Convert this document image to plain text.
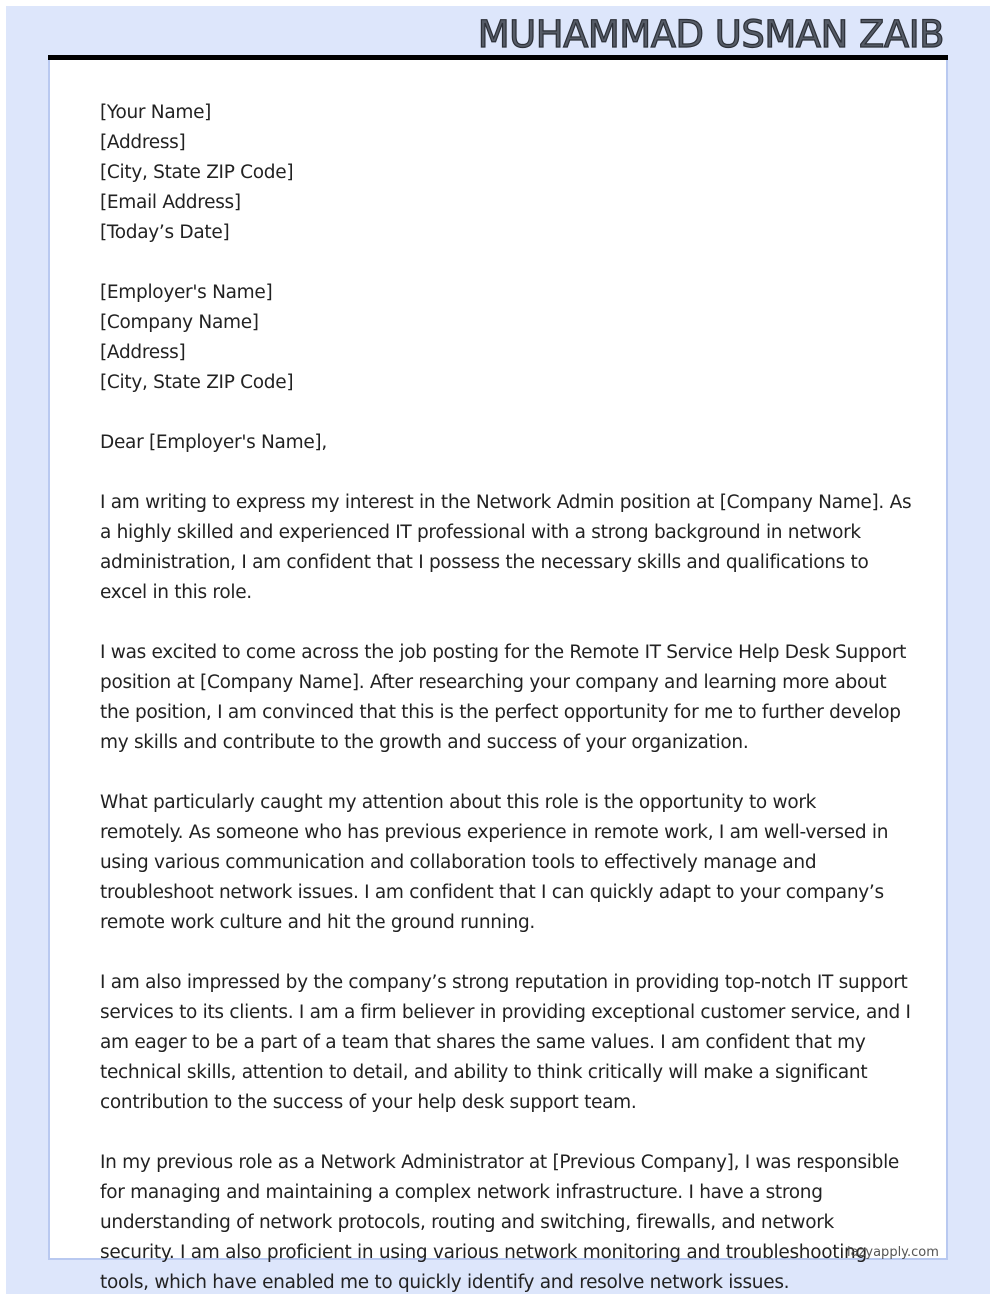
MUHAMMAD USMAN ZAIB
[Your Name]
[Address]
[City, State ZIP Code]
[Email Address]
[Today’s Date]
[Employer's Name]
[Company Name]
[Address]
[City, State ZIP Code]
Dear [Employer's Name],
I am writing to express my interest in the Network Admin position at [Company Name]. As
a highly skilled and experienced IT professional with a strong background in network
administration, I am confident that I possess the necessary skills and qualifications to
excel in this role.
I was excited to come across the job posting for the Remote IT Service Help Desk Support
position at [Company Name]. After researching your company and learning more about
the position, I am convinced that this is the perfect opportunity for me to further develop
my skills and contribute to the growth and success of your organization.
What particularly caught my attention about this role is the opportunity to work
remotely. As someone who has previous experience in remote work, I am well-versed in
using various communication and collaboration tools to effectively manage and
troubleshoot network issues. I am confident that I can quickly adapt to your company’s
remote work culture and hit the ground running.
I am also impressed by the company’s strong reputation in providing top-notch IT support
services to its clients. I am a firm believer in providing exceptional customer service, and I
am eager to be a part of a team that shares the same values. I am confident that my
technical skills, attention to detail, and ability to think critically will make a significant
contribution to the success of your help desk support team.
In my previous role as a Network Administrator at [Previous Company], I was responsible
for managing and maintaining a complex network infrastructure. I have a strong
understanding of network protocols, routing and switching, firewalls, and network
security. I am also proficient in using various network monitoring and troubleshooting
tools, which have enabled me to quickly identify and resolve network issues.
lazyapply.com
